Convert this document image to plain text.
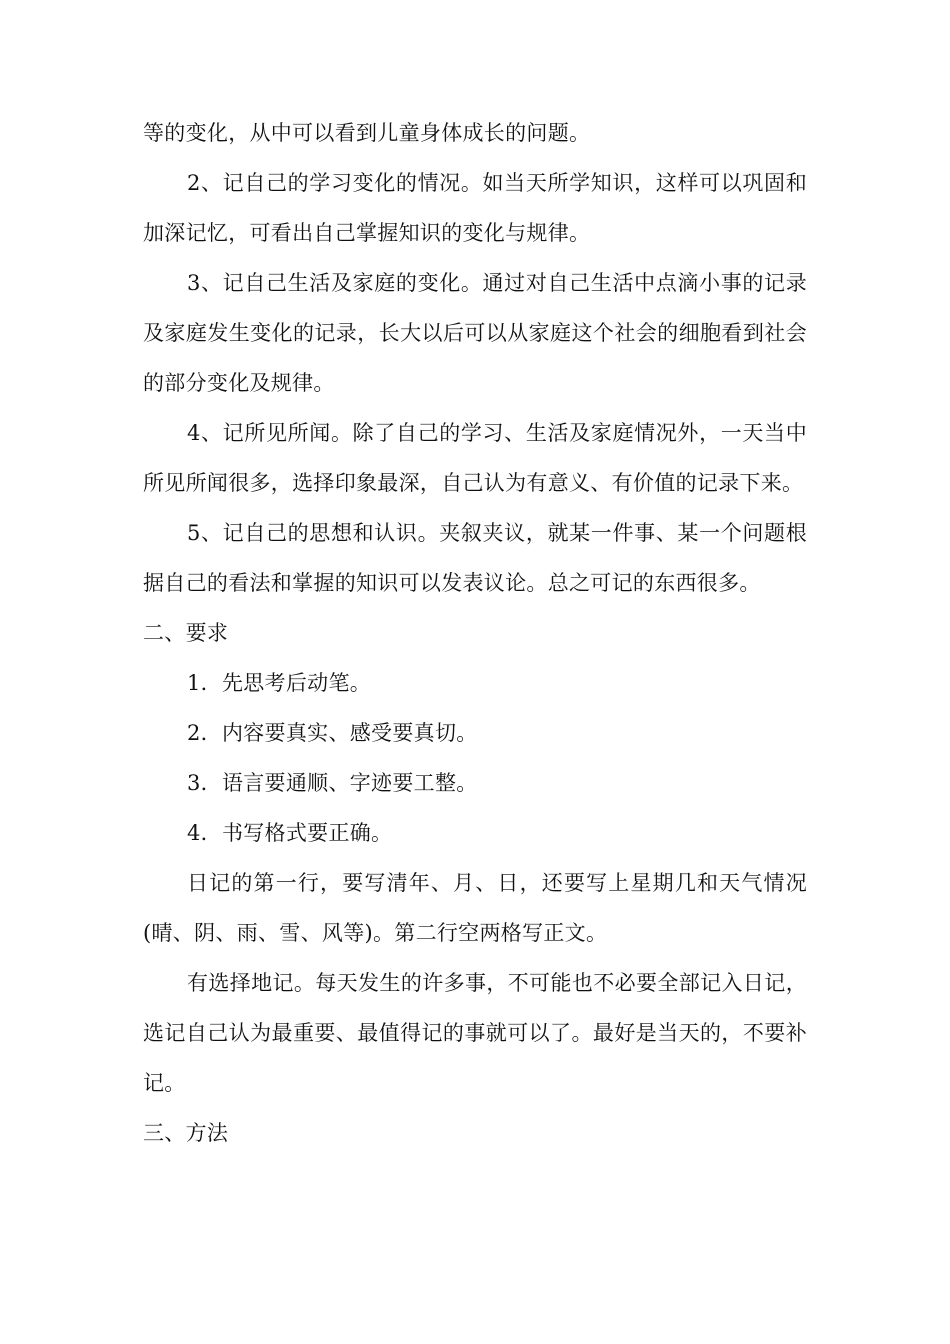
等的变化，从中可以看到儿童身体成长的问题。

2、记自己的学习变化的情况。如当天所学知识，这样可以巩固和加深记忆，可看出自己掌握知识的变化与规律。

3、记自己生活及家庭的变化。通过对自己生活中点滴小事的记录及家庭发生变化的记录，长大以后可以从家庭这个社会的细胞看到社会的部分变化及规律。

4、记所见所闻。除了自己的学习、生活及家庭情况外，一天当中所见所闻很多，选择印象最深，自己认为有意义、有价值的记录下来。

5、记自己的思想和认识。夹叙夹议，就某一件事、某一个问题根据自己的看法和掌握的知识可以发表议论。总之可记的东西很多。

二、要求

1．先思考后动笔。

2．内容要真实、感受要真切。

3．语言要通顺、字迹要工整。

4．书写格式要正确。

日记的第一行，要写清年、月、日，还要写上星期几和天气情况(晴、阴、雨、雪、风等)。第二行空两格写正文。

有选择地记。每天发生的许多事，不可能也不必要全部记入日记，选记自己认为最重要、最值得记的事就可以了。最好是当天的，不要补记。

三、方法
